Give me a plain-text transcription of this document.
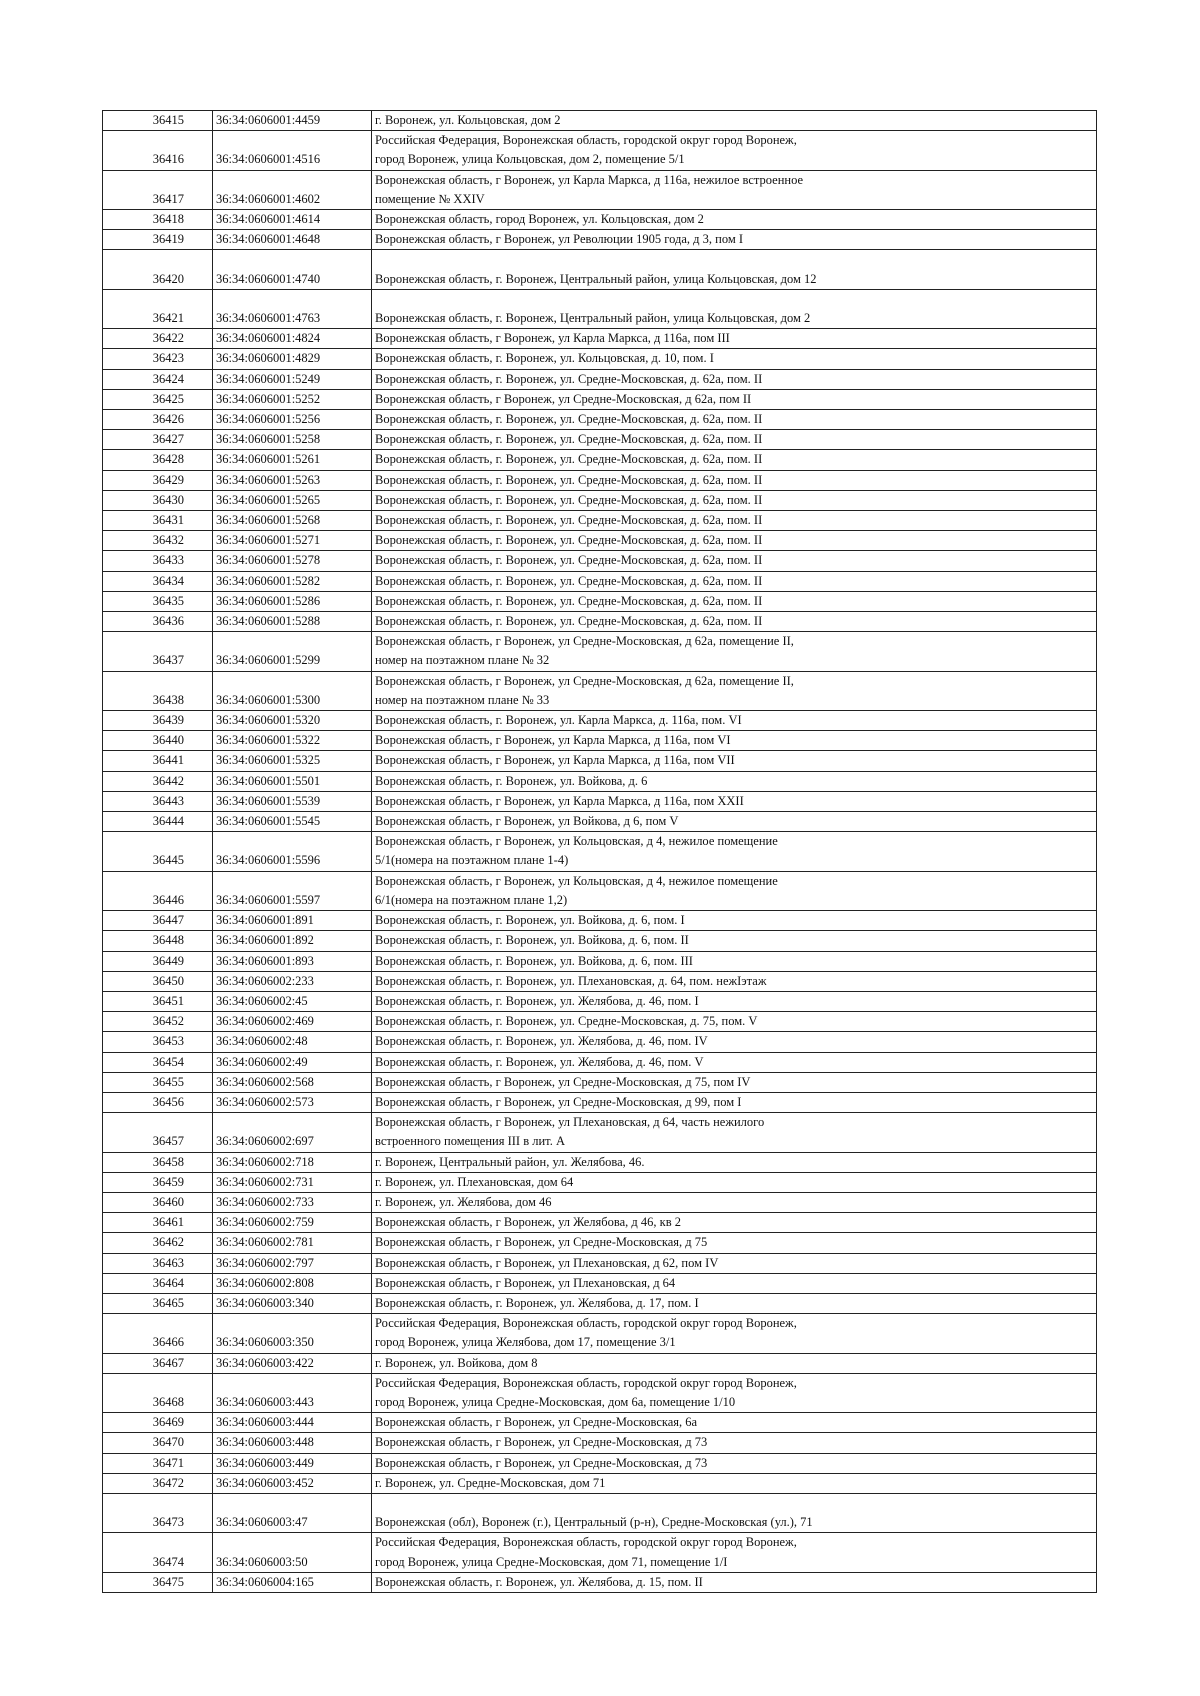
36415	36:34:0606001:4459	г. Воронеж, ул. Кольцовская, дом 2
36416	36:34:0606001:4516	Российская Федерация, Воронежская область, городской округ город Воронеж,
город Воронеж, улица Кольцовская, дом 2, помещение 5/1
36417	36:34:0606001:4602	Воронежская область, г Воронеж, ул Карла Маркса, д 116а, нежилое встроенное
помещение № XXIV
36418	36:34:0606001:4614	Воронежская область, город Воронеж, ул. Кольцовская, дом 2
36419	36:34:0606001:4648	Воронежская область, г Воронеж, ул Революции 1905 года, д 3, пом I
36420	36:34:0606001:4740	Воронежская область, г. Воронеж, Центральный район, улица Кольцовская, дом 12
36421	36:34:0606001:4763	Воронежская область, г. Воронеж, Центральный район, улица Кольцовская, дом 2
36422	36:34:0606001:4824	Воронежская область, г Воронеж, ул Карла Маркса, д 116а, пом III
36423	36:34:0606001:4829	Воронежская область, г. Воронеж, ул. Кольцовская, д. 10, пом. I
36424	36:34:0606001:5249	Воронежская область, г. Воронеж, ул. Средне-Московская, д. 62а, пом. II
36425	36:34:0606001:5252	Воронежская область, г Воронеж, ул Средне-Московская, д 62а, пом II
36426	36:34:0606001:5256	Воронежская область, г. Воронеж, ул. Средне-Московская, д. 62а, пом. II
36427	36:34:0606001:5258	Воронежская область, г. Воронеж, ул. Средне-Московская, д. 62а, пом. II
36428	36:34:0606001:5261	Воронежская область, г. Воронеж, ул. Средне-Московская, д. 62а, пом. II
36429	36:34:0606001:5263	Воронежская область, г. Воронеж, ул. Средне-Московская, д. 62а, пом. II
36430	36:34:0606001:5265	Воронежская область, г. Воронеж, ул. Средне-Московская, д. 62а, пом. II
36431	36:34:0606001:5268	Воронежская область, г. Воронеж, ул. Средне-Московская, д. 62а, пом. II
36432	36:34:0606001:5271	Воронежская область, г. Воронеж, ул. Средне-Московская, д. 62а, пом. II
36433	36:34:0606001:5278	Воронежская область, г. Воронеж, ул. Средне-Московская, д. 62а, пом. II
36434	36:34:0606001:5282	Воронежская область, г. Воронеж, ул. Средне-Московская, д. 62а, пом. II
36435	36:34:0606001:5286	Воронежская область, г. Воронеж, ул. Средне-Московская, д. 62а, пом. II
36436	36:34:0606001:5288	Воронежская область, г. Воронеж, ул. Средне-Московская, д. 62а, пом. II
36437	36:34:0606001:5299	Воронежская область, г Воронеж, ул Средне-Московская, д 62а, помещение II,
номер на поэтажном плане № 32
36438	36:34:0606001:5300	Воронежская область, г Воронеж, ул Средне-Московская, д 62а, помещение II,
номер на поэтажном плане № 33
36439	36:34:0606001:5320	Воронежская область, г. Воронеж, ул. Карла Маркса, д. 116а, пом. VI
36440	36:34:0606001:5322	Воронежская область, г Воронеж, ул Карла Маркса, д 116а, пом VI
36441	36:34:0606001:5325	Воронежская область, г Воронеж, ул Карла Маркса, д 116а, пом VII
36442	36:34:0606001:5501	Воронежская область, г. Воронеж, ул. Войкова, д. 6
36443	36:34:0606001:5539	Воронежская область, г Воронеж, ул Карла Маркса, д 116а, пом XXII
36444	36:34:0606001:5545	Воронежская область, г Воронеж, ул Войкова, д 6, пом V
36445	36:34:0606001:5596	Воронежская область, г Воронеж, ул Кольцовская, д 4, нежилое помещение
5/1(номера на поэтажном плане 1-4)
36446	36:34:0606001:5597	Воронежская область, г Воронеж, ул Кольцовская, д 4, нежилое помещение
6/1(номера на поэтажном плане 1,2)
36447	36:34:0606001:891	Воронежская область, г. Воронеж, ул. Войкова, д. 6, пом. I
36448	36:34:0606001:892	Воронежская область, г. Воронеж, ул. Войкова, д. 6, пом. II
36449	36:34:0606001:893	Воронежская область, г. Воронеж, ул. Войкова, д. 6, пом. III
36450	36:34:0606002:233	Воронежская область, г. Воронеж, ул. Плехановская, д. 64, пом. нежIэтаж
36451	36:34:0606002:45	Воронежская область, г. Воронеж, ул. Желябова, д. 46, пом. I
36452	36:34:0606002:469	Воронежская область, г. Воронеж, ул. Средне-Московская, д. 75, пом. V
36453	36:34:0606002:48	Воронежская область, г. Воронеж, ул. Желябова, д. 46, пом. IV
36454	36:34:0606002:49	Воронежская область, г. Воронеж, ул. Желябова, д. 46, пом. V
36455	36:34:0606002:568	Воронежская область, г Воронеж, ул Средне-Московская, д 75, пом IV
36456	36:34:0606002:573	Воронежская область, г Воронеж, ул Средне-Московская, д 99, пом I
36457	36:34:0606002:697	Воронежская область, г Воронеж, ул Плехановская, д 64, часть нежилого
встроенного помещения III в лит. А
36458	36:34:0606002:718	г. Воронеж, Центральный район, ул. Желябова, 46.
36459	36:34:0606002:731	г. Воронеж, ул. Плехановская, дом 64
36460	36:34:0606002:733	г. Воронеж, ул. Желябова, дом 46
36461	36:34:0606002:759	Воронежская область, г Воронеж, ул Желябова, д 46, кв 2
36462	36:34:0606002:781	Воронежская область, г Воронеж, ул Средне-Московская, д 75
36463	36:34:0606002:797	Воронежская область, г Воронеж, ул Плехановская, д 62, пом IV
36464	36:34:0606002:808	Воронежская область, г Воронеж, ул Плехановская, д 64
36465	36:34:0606003:340	Воронежская область, г. Воронеж, ул. Желябова, д. 17, пом. I
36466	36:34:0606003:350	Российская Федерация, Воронежская область, городской округ город Воронеж,
город Воронеж, улица Желябова, дом 17, помещение 3/1
36467	36:34:0606003:422	г. Воронеж, ул. Войкова, дом 8
36468	36:34:0606003:443	Российская Федерация, Воронежская область, городской округ город Воронеж,
город Воронеж, улица Средне-Московская, дом 6а, помещение 1/10
36469	36:34:0606003:444	Воронежская область, г Воронеж, ул Средне-Московская, 6а
36470	36:34:0606003:448	Воронежская область, г Воронеж, ул Средне-Московская, д 73
36471	36:34:0606003:449	Воронежская область, г Воронеж, ул Средне-Московская, д 73
36472	36:34:0606003:452	г. Воронеж, ул. Средне-Московская, дом 71
36473	36:34:0606003:47	Воронежская (обл), Воронеж (г.), Центральный (р-н), Средне-Московская (ул.), 71
36474	36:34:0606003:50	Российская Федерация, Воронежская область, городской округ город Воронеж,
город Воронеж, улица Средне-Московская, дом 71, помещение 1/I
36475	36:34:0606004:165	Воронежская область, г. Воронеж, ул. Желябова, д. 15, пом. II
